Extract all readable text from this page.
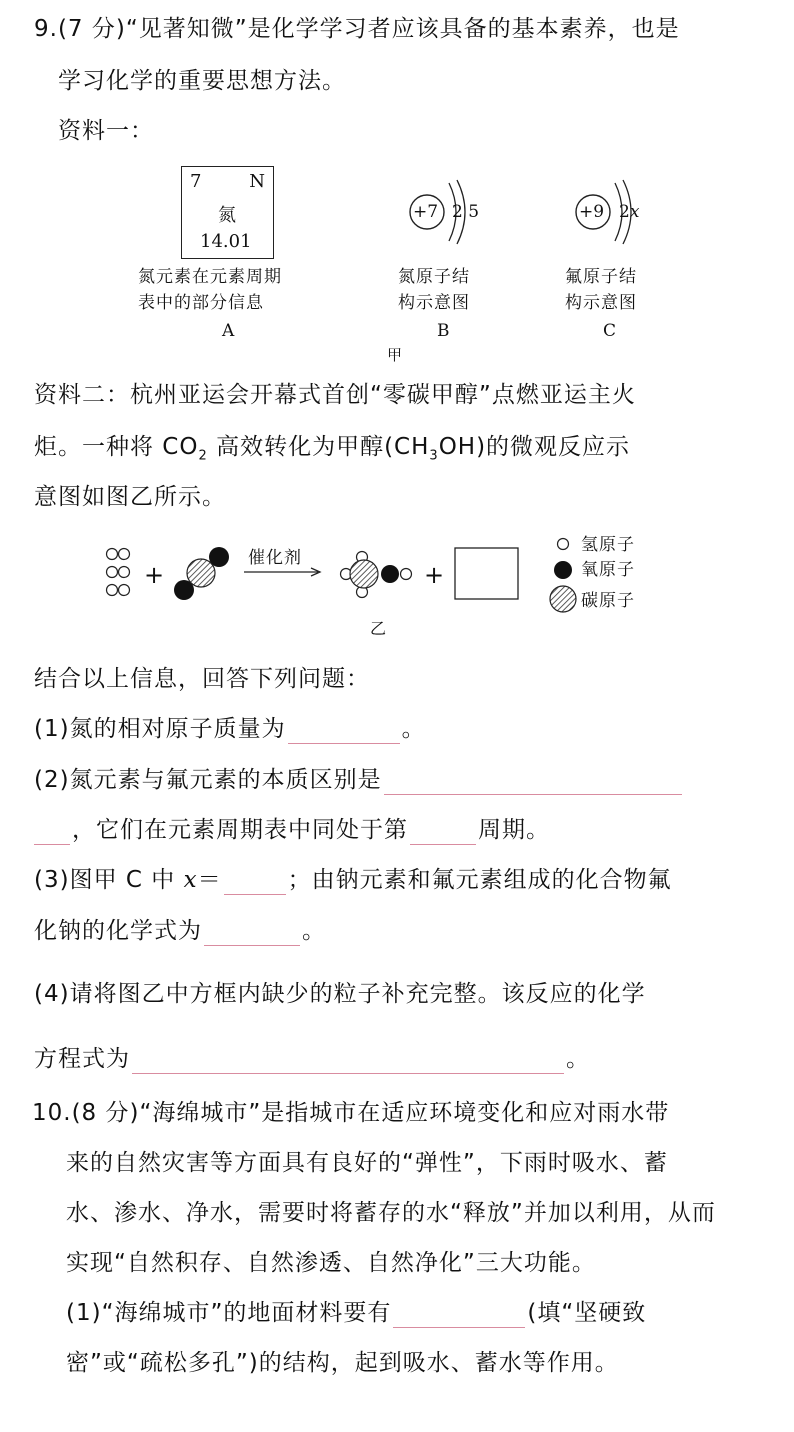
9.(7 分)“见著知微”是化学学习者应该具备的基本素养，也是
学习化学的重要思想方法。
资料一：
7	N
氮
14.01
氮元素在元素周期
表中的部分信息
A
+7 2 5
氮原子结
构示意图
B
+9 2x
氟原子结
构示意图
C
甲
资料二：杭州亚运会开幕式首创“零碳甲醇”点燃亚运主火
炬。一种将 $CO_2$ 高效转化为甲醇$(CH_3OH)$的微观反应示
意图如图乙所示。
+	+
催化剂
乙
氢原子
氧原子
碳原子
结合以上信息，回答下列问题：
(1)氮的相对原子质量为	。
(2)氮元素与氟元素的本质区别是
，它们在元素周期表中同处于第	周期。
(3)图甲 C 中 x＝	；由钠元素和氟元素组成的化合物氟
化钠的化学式为	。
(4)请将图乙中方框内缺少的粒子补充完整。该反应的化学
方程式为	。
10.(8 分)“海绵城市”是指城市在适应环境变化和应对雨水带
来的自然灾害等方面具有良好的“弹性”，下雨时吸水、蓄
水、渗水、净水，需要时将蓄存的水“释放”并加以利用，从而
实现“自然积存、自然渗透、自然净化”三大功能。
(1)“海绵城市”的地面材料要有	(填“坚硬致
密”或“疏松多孔”)的结构，起到吸水、蓄水等作用。
